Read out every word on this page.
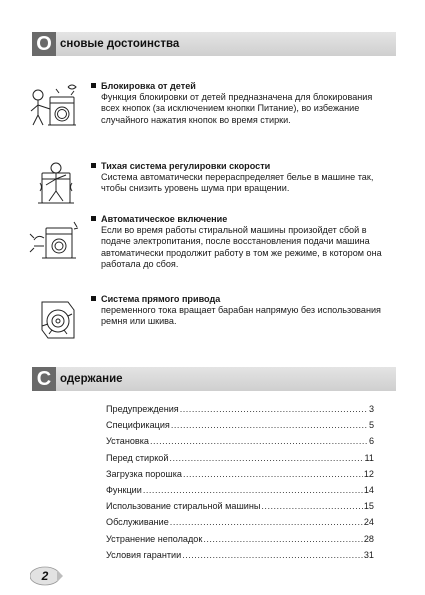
О сновые достоинства
Блокировка от детей
Функция блокировки от детей предназначена для блокирования всех кнопок (за исключением кнопки Питание), во избежание случайного нажатия кнопок во время стирки.
Тихая система регулировки скорости
Система автоматически перераспределяет белье в машине так, чтобы снизить уровень шума при вращении.
Автоматическое включение
Если во время работы стиральной машины произойдет сбой в подаче электропитания, после восстановления подачи машина автоматически продолжит работу в том же режиме, в котором она работала до сбоя.
Система прямого привода
переменного тока вращает барабан напрямую без использования ремня или шкива.
С одержание
Предупреждения .....	3
Спецификация .....	5
Установка .....	6
Перед стиркой .....	11
Загрузка порошка .....	12
Функции .....	14
Использование стиральной машины .....	15
Обслуживание .....	24
Устранение неполадок .....	28
Условия гарантии .....	31
2
